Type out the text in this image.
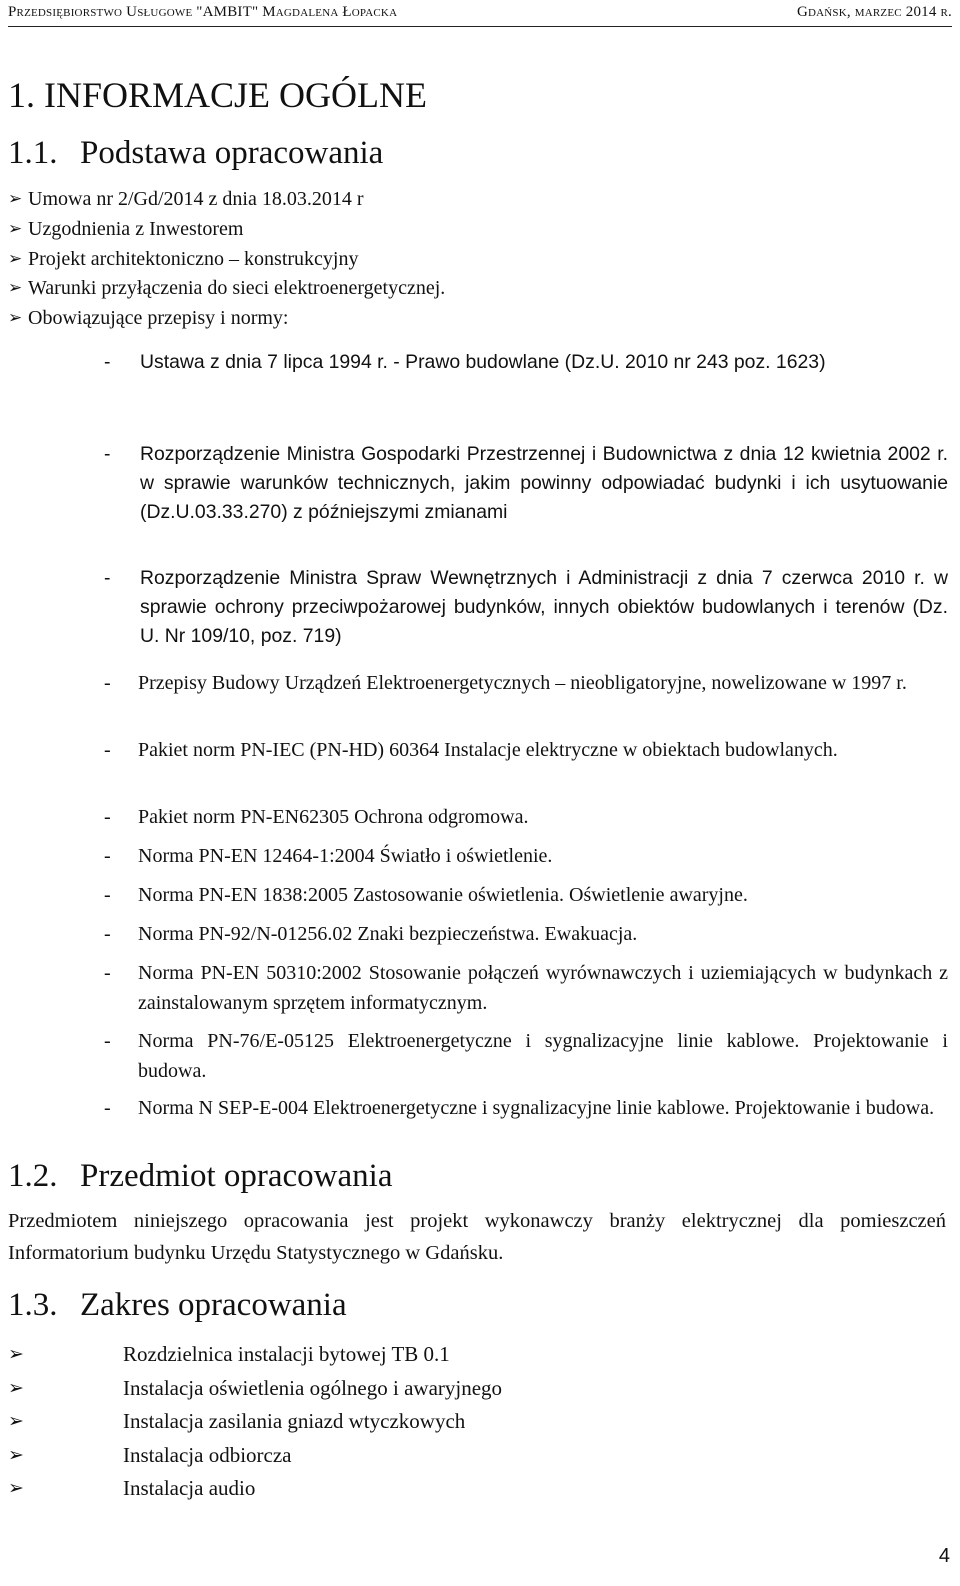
Przedsiębiorstwo Usługowe "AMBIT" Magdalena Łopacka	Gdańsk, marzec 2014 r.
1. INFORMACJE OGÓLNE
1.1. Podstawa opracowania
➢ Umowa nr 2/Gd/2014 z dnia 18.03.2014 r
➢ Uzgodnienia z Inwestorem
➢ Projekt architektoniczno – konstrukcyjny
➢ Warunki przyłączenia do sieci elektroenergetycznej.
➢ Obowiązujące przepisy i normy:
- Ustawa z dnia 7 lipca 1994 r. - Prawo budowlane (Dz.U. 2010 nr 243 poz. 1623)
- Rozporządzenie Ministra Gospodarki Przestrzennej i Budownictwa z dnia 12 kwietnia 2002 r. w sprawie warunków technicznych, jakim powinny odpowiadać budynki i ich usytuowanie (Dz.U.03.33.270) z późniejszymi zmianami
- Rozporządzenie Ministra Spraw Wewnętrznych i Administracji z dnia 7 czerwca 2010 r. w sprawie ochrony przeciwpożarowej budynków, innych obiektów budowlanych i terenów (Dz. U. Nr 109/10, poz. 719)
- Przepisy Budowy Urządzeń Elektroenergetycznych – nieobligatoryjne, nowelizowane w 1997 r.
- Pakiet norm PN-IEC (PN-HD) 60364 Instalacje elektryczne w obiektach budowlanych.
- Pakiet norm PN-EN62305 Ochrona odgromowa.
- Norma PN-EN 12464-1:2004 Światło i oświetlenie.
- Norma PN-EN 1838:2005 Zastosowanie oświetlenia. Oświetlenie awaryjne.
- Norma PN-92/N-01256.02 Znaki bezpieczeństwa. Ewakuacja.
- Norma PN-EN 50310:2002 Stosowanie połączeń wyrównawczych i uziemiających w budynkach z zainstalowanym sprzętem informatycznym.
- Norma PN-76/E-05125 Elektroenergetyczne i sygnalizacyjne linie kablowe. Projektowanie i budowa.
- Norma N SEP-E-004 Elektroenergetyczne i sygnalizacyjne linie kablowe. Projektowanie i budowa.
1.2. Przedmiot opracowania
Przedmiotem niniejszego opracowania jest projekt wykonawczy branży elektrycznej dla pomieszczeń Informatorium budynku Urzędu Statystycznego w Gdańsku.
1.3. Zakres opracowania
➢ Rozdzielnica instalacji bytowej TB 0.1
➢ Instalacja oświetlenia ogólnego i awaryjnego
➢ Instalacja zasilania gniazd wtyczkowych
➢ Instalacja odbiorcza
➢ Instalacja audio
4
